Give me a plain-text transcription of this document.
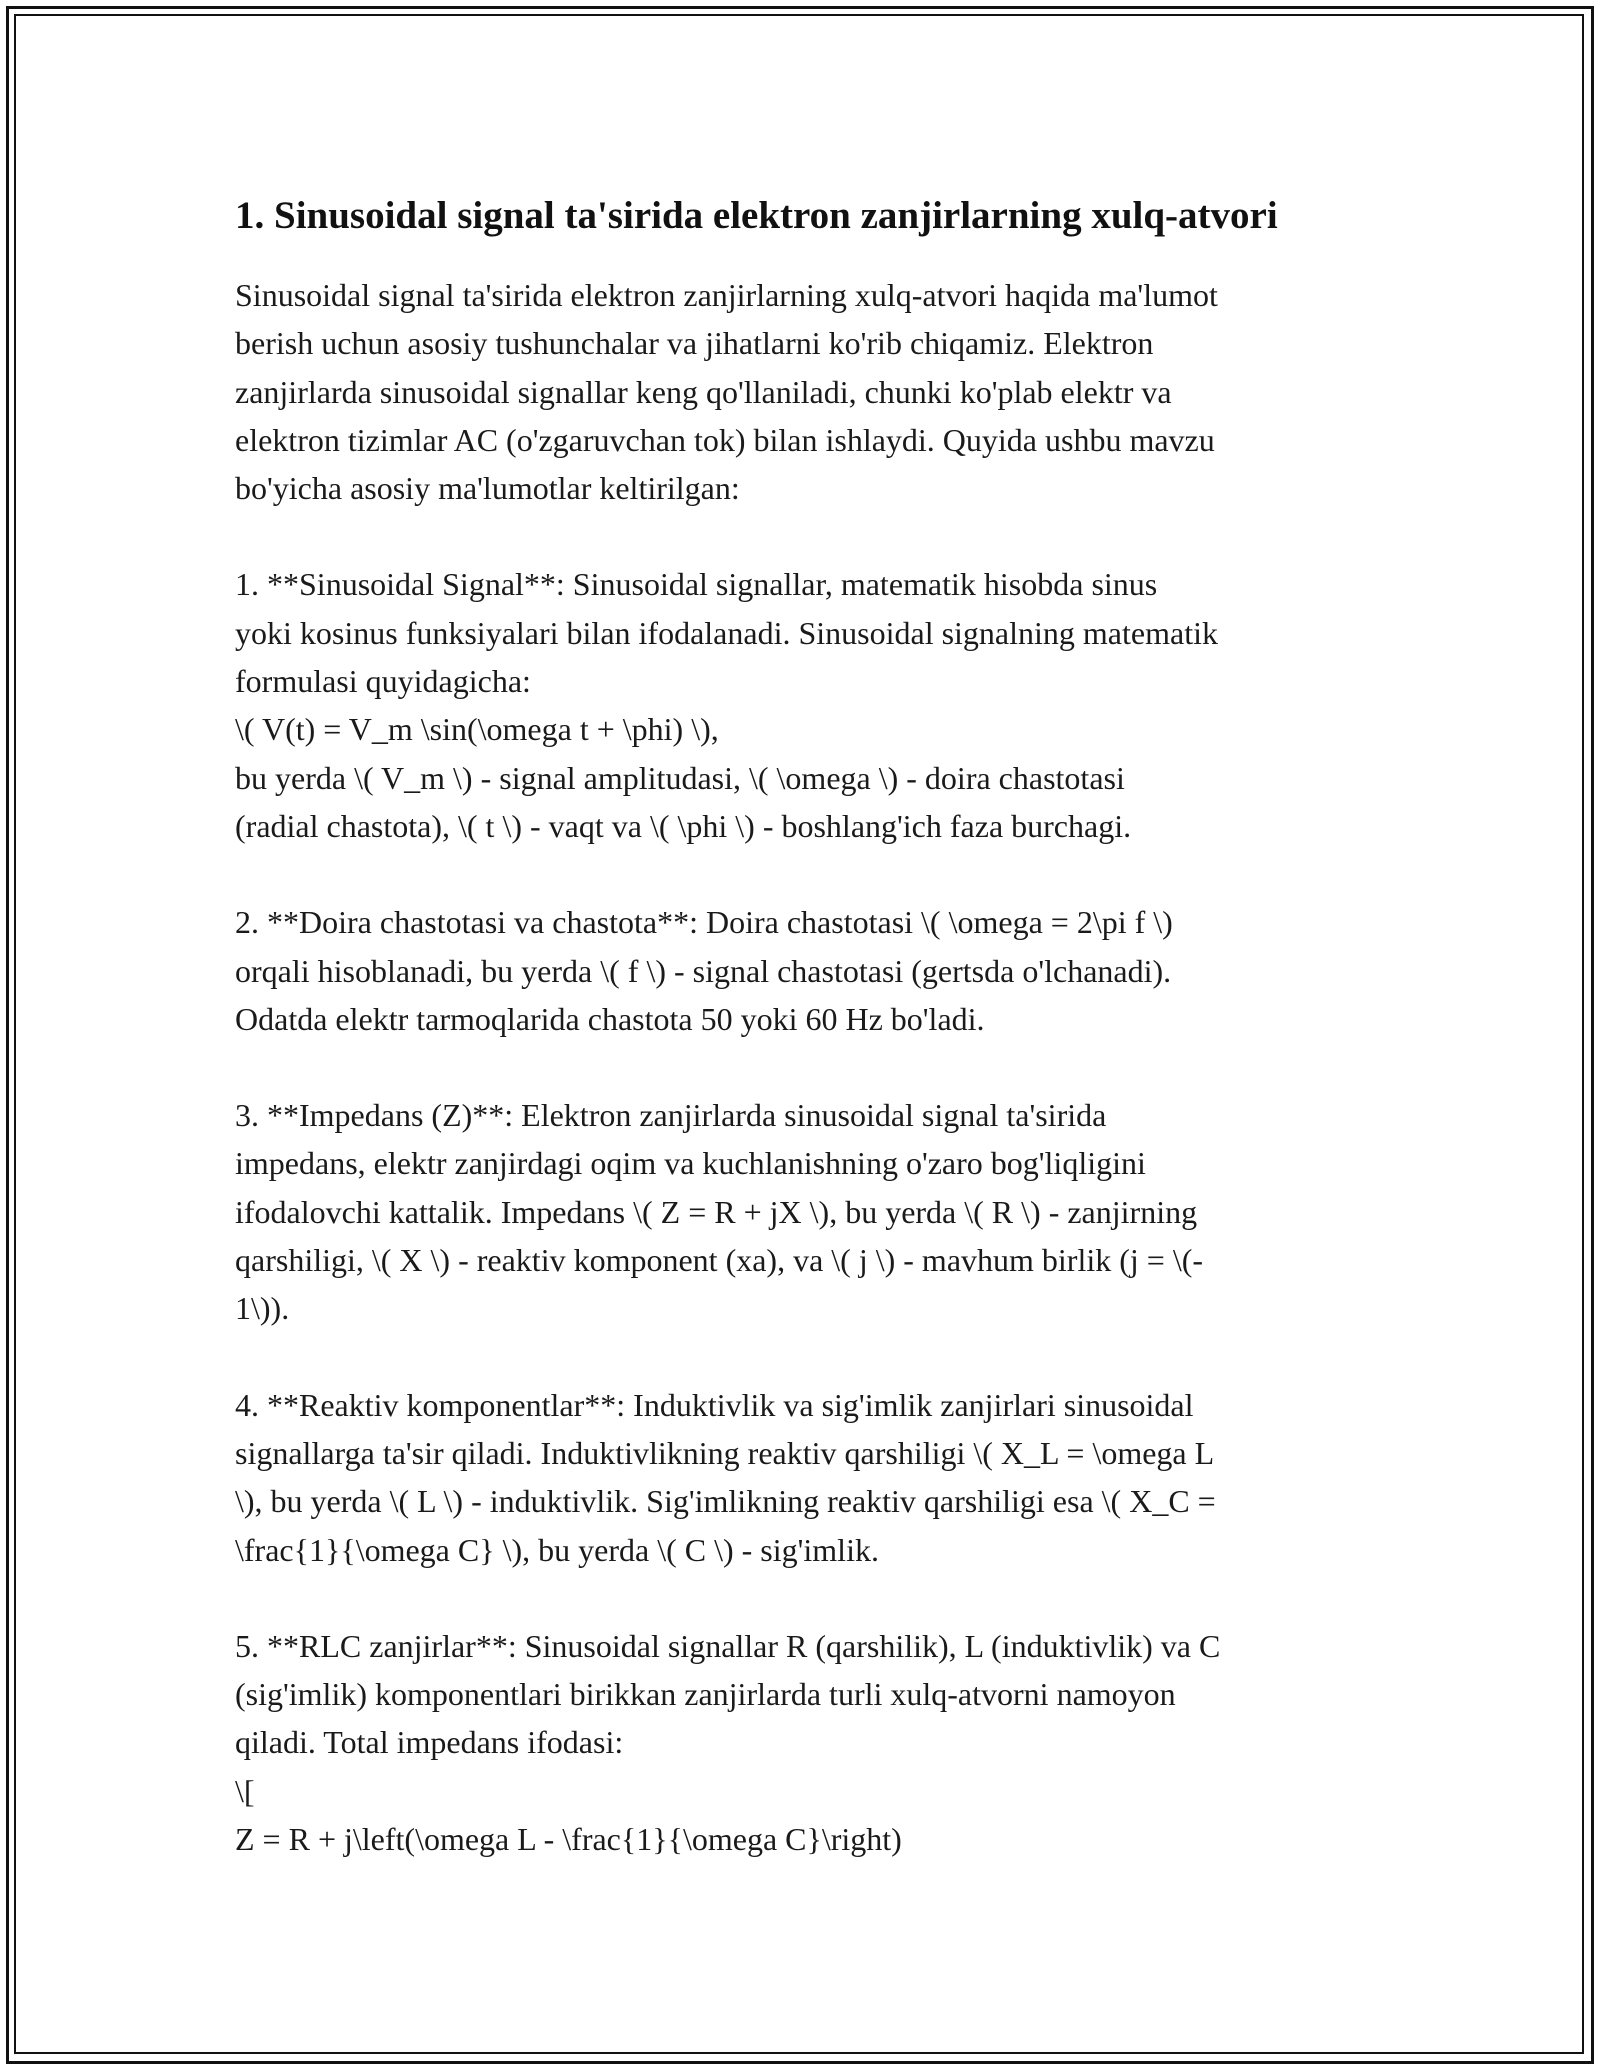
1. Sinusoidal signal ta'sirida elektron zanjirlarning xulq-atvori

Sinusoidal signal ta'sirida elektron zanjirlarning xulq-atvori haqida ma'lumot
berish uchun asosiy tushunchalar va jihatlarni ko'rib chiqamiz. Elektron
zanjirlarda sinusoidal signallar keng qo'llaniladi, chunki ko'plab elektr va
elektron tizimlar AC (o'zgaruvchan tok) bilan ishlaydi. Quyida ushbu mavzu
bo'yicha asosiy ma'lumotlar keltirilgan:

1. **Sinusoidal Signal**: Sinusoidal signallar, matematik hisobda sinus
yoki kosinus funksiyalari bilan ifodalanadi. Sinusoidal signalning matematik
formulasi quyidagicha:
\( V(t) = V_m \sin(\omega t + \phi) \),
bu yerda \( V_m \) - signal amplitudasi, \( \omega \) - doira chastotasi
(radial chastota), \( t \) - vaqt va \( \phi \) - boshlang'ich faza burchagi.

2. **Doira chastotasi va chastota**: Doira chastotasi \( \omega = 2\pi f \)
orqali hisoblanadi, bu yerda \( f \) - signal chastotasi (gertsda o'lchanadi).
Odatda elektr tarmoqlarida chastota 50 yoki 60 Hz bo'ladi.

3. **Impedans (Z)**: Elektron zanjirlarda sinusoidal signal ta'sirida
impedans, elektr zanjirdagi oqim va kuchlanishning o'zaro bog'liqligini
ifodalovchi kattalik. Impedans \( Z = R + jX \), bu yerda \( R \) - zanjirning
qarshiligi, \( X \) - reaktiv komponent (xa), va \( j \) - mavhum birlik (j = \(-
1\)).

4. **Reaktiv komponentlar**: Induktivlik va sig'imlik zanjirlari sinusoidal
signallarga ta'sir qiladi. Induktivlikning reaktiv qarshiligi \( X_L = \omega L
\), bu yerda \( L \) - induktivlik. Sig'imlikning reaktiv qarshiligi esa \( X_C =
\frac{1}{\omega C} \), bu yerda \( C \) - sig'imlik.

5. **RLC zanjirlar**: Sinusoidal signallar R (qarshilik), L (induktivlik) va C
(sig'imlik) komponentlari birikkan zanjirlarda turli xulq-atvorni namoyon
qiladi. Total impedans ifodasi:
\[
Z = R + j\left(\omega L - \frac{1}{\omega C}\right)
